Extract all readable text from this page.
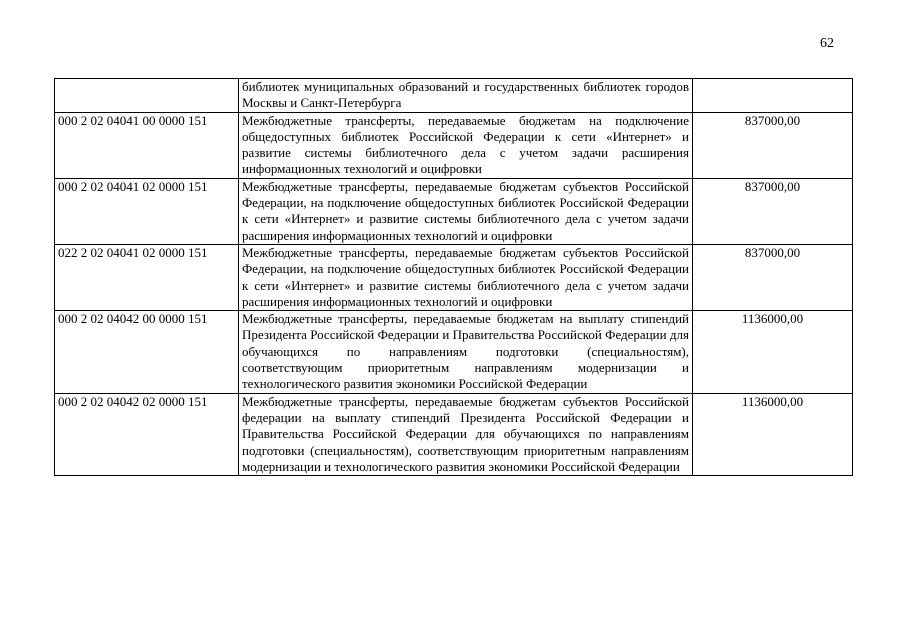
62
	библиотек муниципальных образований и государственных библиотек городов Москвы и Санкт-Петербурга	
000 2 02 04041 00 0000 151	Межбюджетные трансферты, передаваемые бюджетам на подключение общедоступных библиотек Российской Федерации к сети «Интернет» и развитие системы библиотечного дела с учетом задачи расширения информационных технологий и оцифровки	837000,00
000 2 02 04041 02 0000 151	Межбюджетные трансферты, передаваемые бюджетам субъектов Российской Федерации, на подключение общедоступных библиотек Российской Федерации к сети «Интернет» и развитие системы библиотечного дела с учетом задачи расширения информационных технологий и оцифровки	837000,00
022 2 02 04041 02 0000 151	Межбюджетные трансферты, передаваемые бюджетам субъектов Российской Федерации, на подключение общедоступных библиотек Российской Федерации к сети «Интернет» и развитие системы библиотечного дела с учетом задачи расширения информационных технологий и оцифровки	837000,00
000 2 02 04042 00 0000 151	Межбюджетные трансферты, передаваемые бюджетам на выплату стипендий Президента Российской Федерации и Правительства Российской Федерации для обучающихся по направлениям подготовки (специальностям), соответствующим приоритетным направлениям модернизации и технологического развития экономики Российской Федерации	1136000,00
000 2 02 04042 02 0000 151	Межбюджетные трансферты, передаваемые бюджетам субъектов Российской федерации на выплату стипендий Президента Российской Федерации и Правительства Российской Федерации для обучающихся по направлениям подготовки (специальностям), соответствующим приоритетным направлениям модернизации и технологического развития экономики Российской Федерации	1136000,00
